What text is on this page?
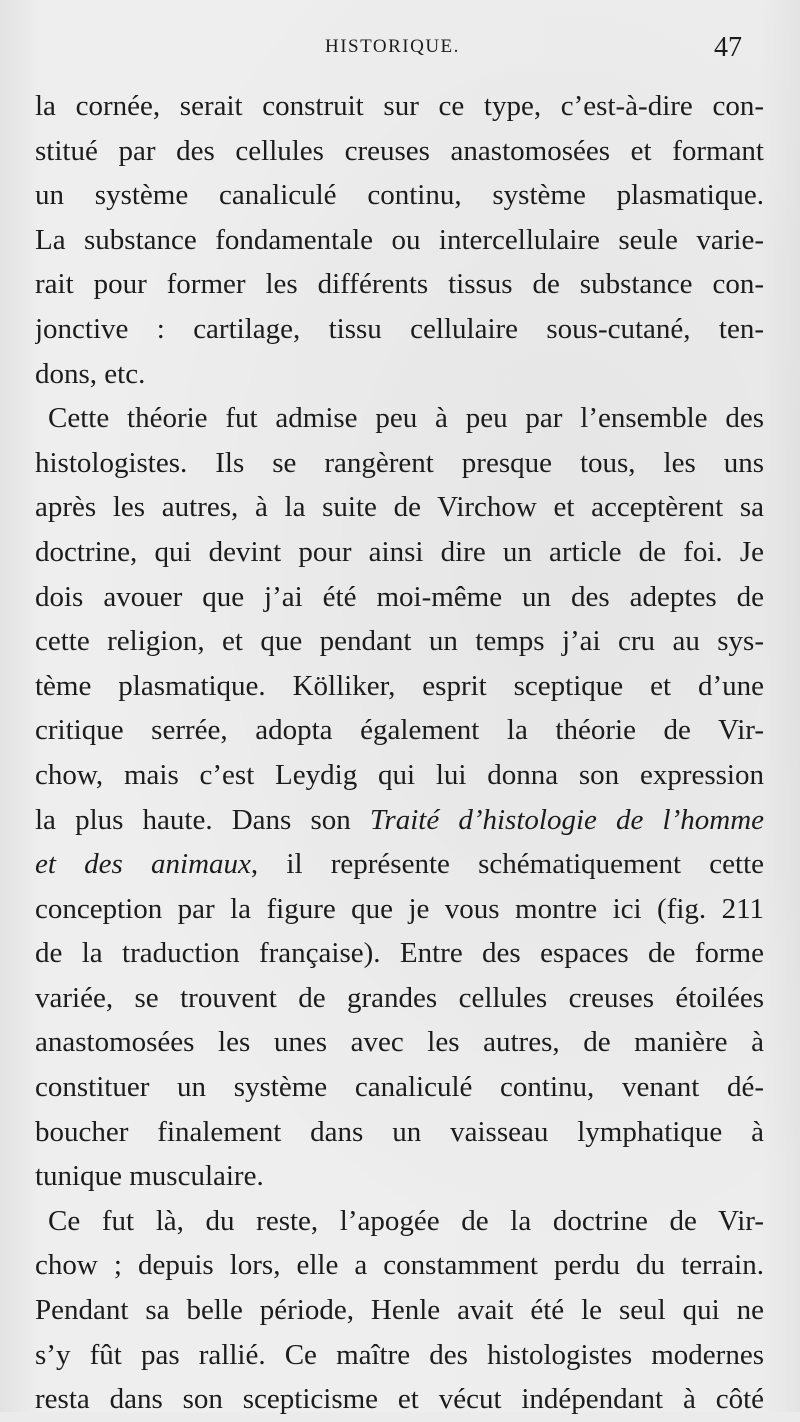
HISTORIQUE.	47
la cornée, serait construit sur ce type, c’est-à-dire con-
stitué par des cellules creuses anastomosées et formant
un système canaliculé continu, système plasmatique.
La substance fondamentale ou intercellulaire seule varie-
rait pour former les différents tissus de substance con-
jonctive : cartilage, tissu cellulaire sous-cutané, ten-
dons, etc.
Cette théorie fut admise peu à peu par l’ensemble des
histologistes. Ils se rangèrent presque tous, les uns
après les autres, à la suite de Virchow et acceptèrent sa
doctrine, qui devint pour ainsi dire un article de foi. Je
dois avouer que j’ai été moi-même un des adeptes de
cette religion, et que pendant un temps j’ai cru au sys-
tème plasmatique. Kölliker, esprit sceptique et d’une
critique serrée, adopta également la théorie de Vir-
chow, mais c’est Leydig qui lui donna son expression
la plus haute. Dans son Traité d’histologie de l’homme
et des animaux, il représente schématiquement cette
conception par la figure que je vous montre ici (fig. 211
de la traduction française). Entre des espaces de forme
variée, se trouvent de grandes cellules creuses étoilées
anastomosées les unes avec les autres, de manière à
constituer un système canaliculé continu, venant dé-
boucher finalement dans un vaisseau lymphatique à
tunique musculaire.
Ce fut là, du reste, l’apogée de la doctrine de Vir-
chow ; depuis lors, elle a constamment perdu du terrain.
Pendant sa belle période, Henle avait été le seul qui ne
s’y fût pas rallié. Ce maître des histologistes modernes
resta dans son scepticisme et vécut indépendant à côté
